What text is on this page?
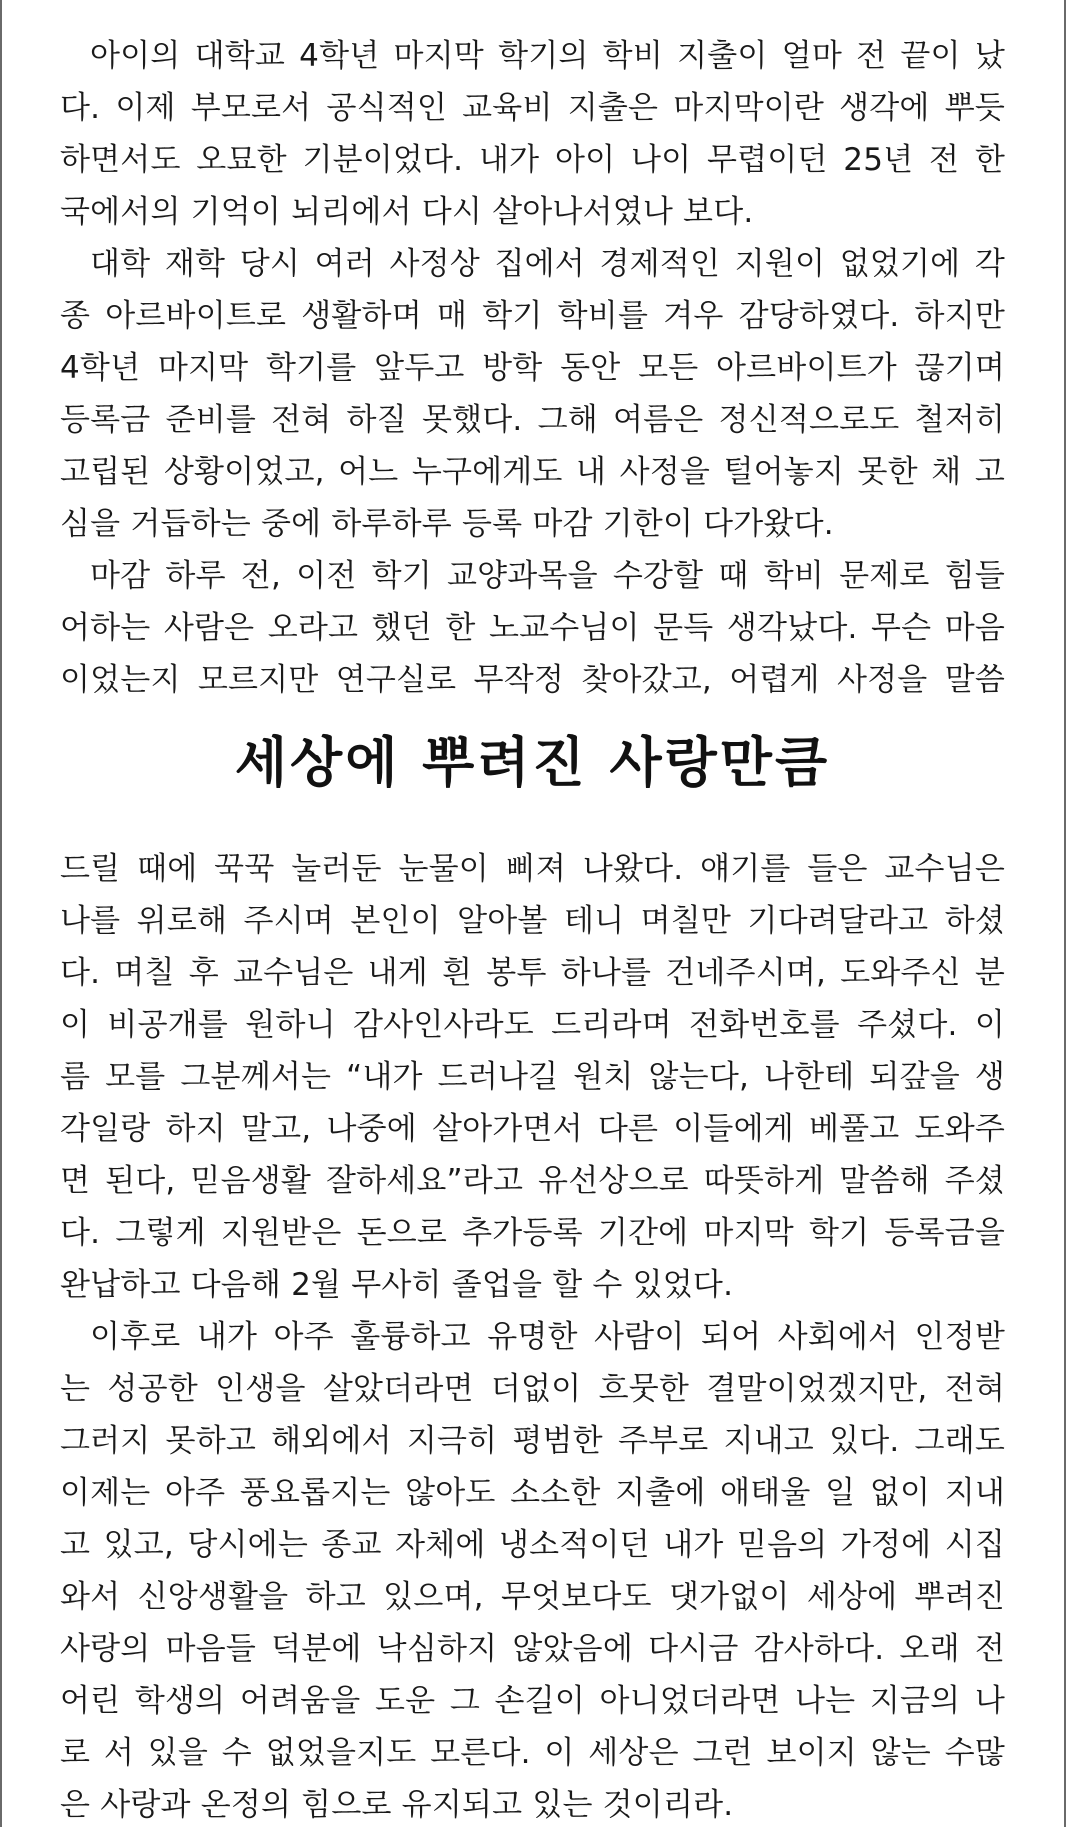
아이의 대학교 4학년 마지막 학기의 학비 지출이 얼마 전 끝이 났
다. 이제 부모로서 공식적인 교육비 지출은 마지막이란 생각에 뿌듯
하면서도 오묘한 기분이었다. 내가 아이 나이 무렵이던 25년 전 한
국에서의 기억이 뇌리에서 다시 살아나서였나 보다.
대학 재학 당시 여러 사정상 집에서 경제적인 지원이 없었기에 각
종 아르바이트로 생활하며 매 학기 학비를 겨우 감당하였다. 하지만
4학년 마지막 학기를 앞두고 방학 동안 모든 아르바이트가 끊기며
등록금 준비를 전혀 하질 못했다. 그해 여름은 정신적으로도 철저히
고립된 상황이었고, 어느 누구에게도 내 사정을 털어놓지 못한 채 고
심을 거듭하는 중에 하루하루 등록 마감 기한이 다가왔다.
마감 하루 전, 이전 학기 교양과목을 수강할 때 학비 문제로 힘들
어하는 사람은 오라고 했던 한 노교수님이 문득 생각났다. 무슨 마음
이었는지 모르지만 연구실로 무작정 찾아갔고, 어렵게 사정을 말씀
세상에 뿌려진 사랑만큼
드릴 때에 꾹꾹 눌러둔 눈물이 삐져 나왔다. 얘기를 들은 교수님은
나를 위로해 주시며 본인이 알아볼 테니 며칠만 기다려달라고 하셨
다. 며칠 후 교수님은 내게 흰 봉투 하나를 건네주시며, 도와주신 분
이 비공개를 원하니 감사인사라도 드리라며 전화번호를 주셨다. 이
름 모를 그분께서는 “내가 드러나길 원치 않는다, 나한테 되갚을 생
각일랑 하지 말고, 나중에 살아가면서 다른 이들에게 베풀고 도와주
면 된다, 믿음생활 잘하세요”라고 유선상으로 따뜻하게 말씀해 주셨
다. 그렇게 지원받은 돈으로 추가등록 기간에 마지막 학기 등록금을
완납하고 다음해 2월 무사히 졸업을 할 수 있었다.
이후로 내가 아주 훌륭하고 유명한 사람이 되어 사회에서 인정받
는 성공한 인생을 살았더라면 더없이 흐뭇한 결말이었겠지만, 전혀
그러지 못하고 해외에서 지극히 평범한 주부로 지내고 있다. 그래도
이제는 아주 풍요롭지는 않아도 소소한 지출에 애태울 일 없이 지내
고 있고, 당시에는 종교 자체에 냉소적이던 내가 믿음의 가정에 시집
와서 신앙생활을 하고 있으며, 무엇보다도 댓가없이 세상에 뿌려진
사랑의 마음들 덕분에 낙심하지 않았음에 다시금 감사하다. 오래 전
어린 학생의 어려움을 도운 그 손길이 아니었더라면 나는 지금의 나
로 서 있을 수 없었을지도 모른다. 이 세상은 그런 보이지 않는 수많
은 사랑과 온정의 힘으로 유지되고 있는 것이리라.
